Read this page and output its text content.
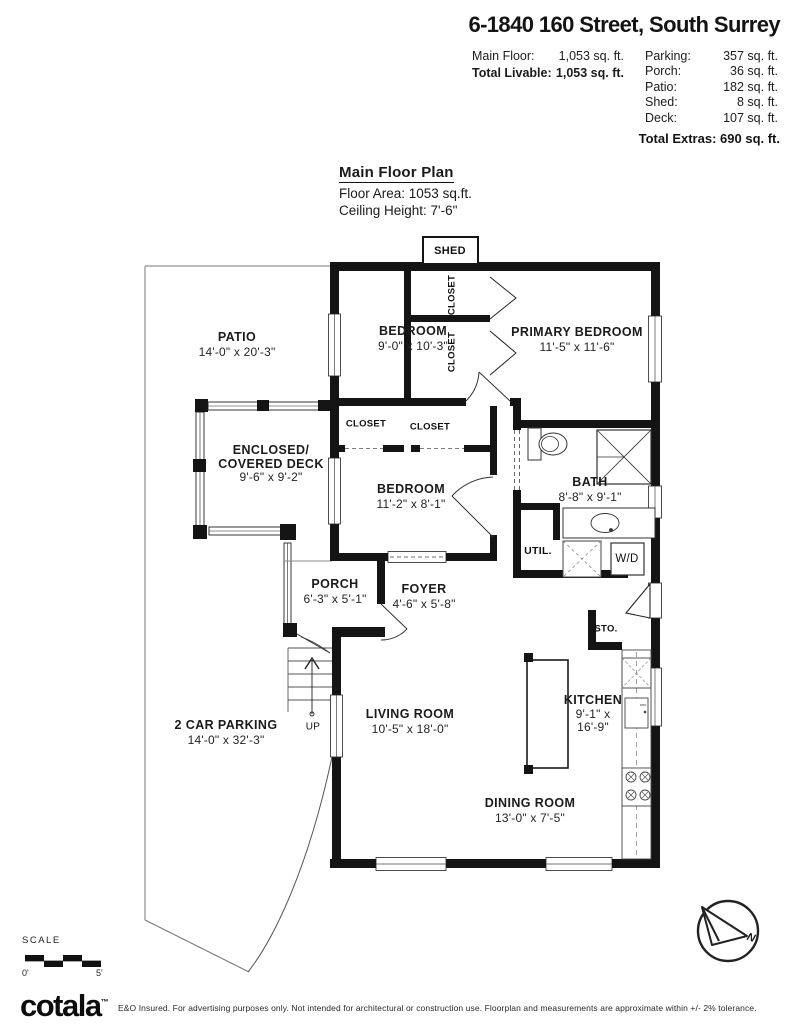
6-1840 160 Street, South Surrey
Main Floor: 1,053 sq. ft.
Total Livable: 1,053 sq. ft.
Parking:	357 sq. ft.
Porch:	36 sq. ft.
Patio:	182 sq. ft.
Shed:	8 sq. ft.
Deck:	107 sq. ft.
Total Extras: 690 sq. ft.
Main Floor Plan
Floor Area: 1053 sq.ft.
Ceiling Height: 7'-6"
PATIO
14'-0" x 20'-3"
ENCLOSED/
COVERED DECK
9'-6" x 9'-2"
BEDROOM
9'-0" x 10'-3"
PRIMARY BEDROOM
11'-5" x 11'-6"
BEDROOM
11'-2" x 8'-1"
BATH
8'-8" x 9'-1"
PORCH
6'-3" x 5'-1"
FOYER
4'-6" x 5'-8"
2 CAR PARKING
14'-0" x 32'-3"
LIVING ROOM
10'-5" x 18'-0"
KITCHEN
9'-1" x
16'-9"
DINING ROOM
13'-0" x 7'-5"
SHED
CLOSET
CLOSET
CLOSET CLOSET
UTIL.
W/D
STO.
UP
SCALE
0'	5'
cotala™
E&O Insured. For advertising purposes only. Not intended for architectural or construction use. Floorplan and measurements are approximate within +/- 2% tolerance.
N
